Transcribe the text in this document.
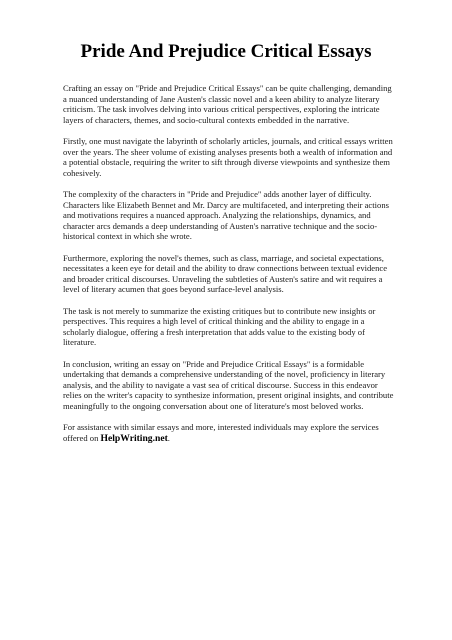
Pride And Prejudice Critical Essays

Crafting an essay on "Pride and Prejudice Critical Essays" can be quite challenging, demanding a nuanced understanding of Jane Austen's classic novel and a keen ability to analyze literary criticism. The task involves delving into various critical perspectives, exploring the intricate layers of characters, themes, and socio-cultural contexts embedded in the narrative.

Firstly, one must navigate the labyrinth of scholarly articles, journals, and critical essays written over the years. The sheer volume of existing analyses presents both a wealth of information and a potential obstacle, requiring the writer to sift through diverse viewpoints and synthesize them cohesively.

The complexity of the characters in "Pride and Prejudice" adds another layer of difficulty. Characters like Elizabeth Bennet and Mr. Darcy are multifaceted, and interpreting their actions and motivations requires a nuanced approach. Analyzing the relationships, dynamics, and character arcs demands a deep understanding of Austen's narrative technique and the socio-historical context in which she wrote.

Furthermore, exploring the novel's themes, such as class, marriage, and societal expectations, necessitates a keen eye for detail and the ability to draw connections between textual evidence and broader critical discourses. Unraveling the subtleties of Austen's satire and wit requires a level of literary acumen that goes beyond surface-level analysis.

The task is not merely to summarize the existing critiques but to contribute new insights or perspectives. This requires a high level of critical thinking and the ability to engage in a scholarly dialogue, offering a fresh interpretation that adds value to the existing body of literature.

In conclusion, writing an essay on "Pride and Prejudice Critical Essays" is a formidable undertaking that demands a comprehensive understanding of the novel, proficiency in literary analysis, and the ability to navigate a vast sea of critical discourse. Success in this endeavor relies on the writer's capacity to synthesize information, present original insights, and contribute meaningfully to the ongoing conversation about one of literature's most beloved works.

For assistance with similar essays and more, interested individuals may explore the services offered on HelpWriting.net.
